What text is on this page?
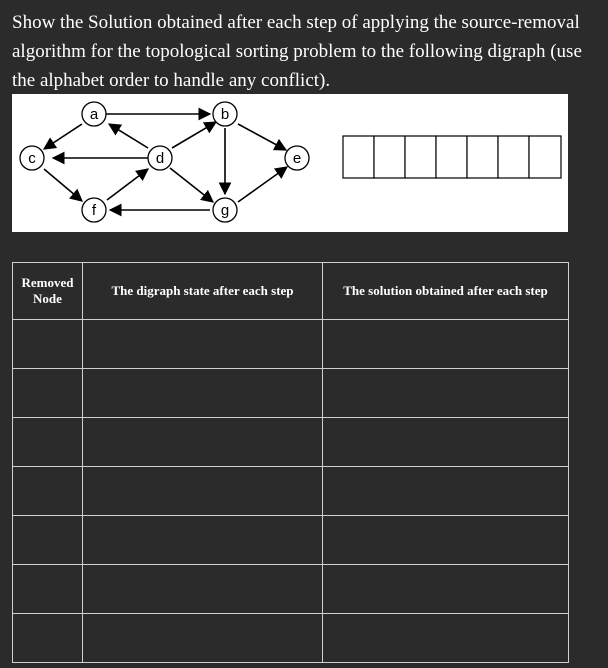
Show the Solution obtained after each step of applying the source-removal algorithm for the topological sorting problem to the following digraph (use the alphabet order to handle any conflict).
a	b
c	d	e
f	g
Removed Node	The digraph state after each step	The solution obtained after each step
